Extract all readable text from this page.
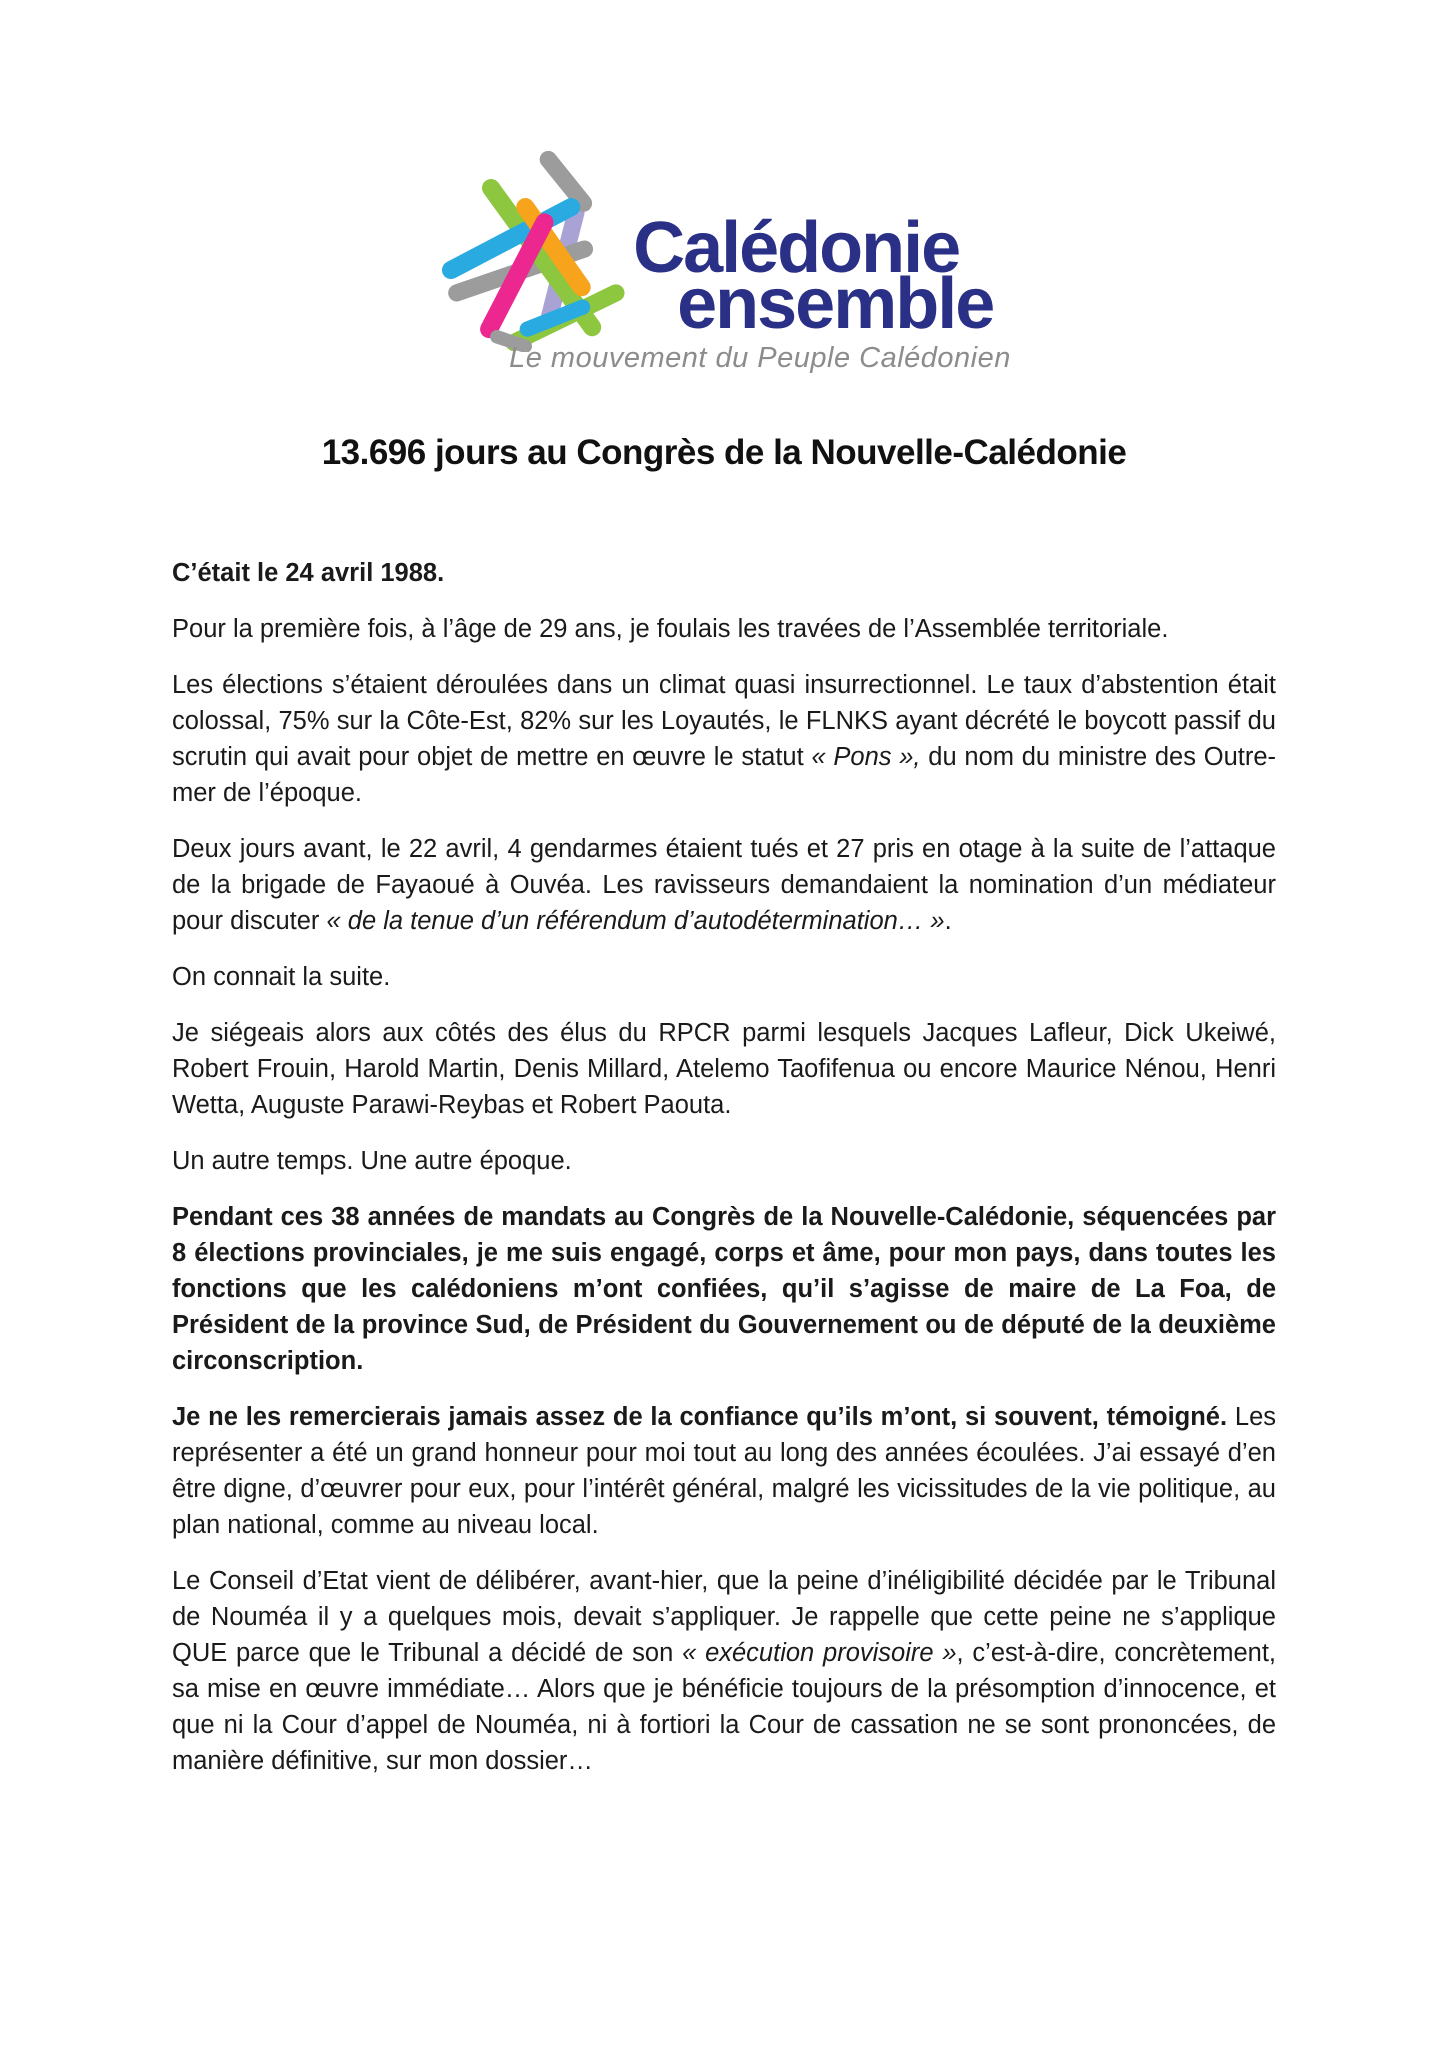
Calédonie
ensemble
Le mouvement du Peuple Calédonien
13.696 jours au Congrès de la Nouvelle-Calédonie

C’était le 24 avril 1988.

Pour la première fois, à l’âge de 29 ans, je foulais les travées de l’Assemblée territoriale.

Les élections s’étaient déroulées dans un climat quasi insurrectionnel. Le taux d’abstention était colossal, 75% sur la Côte-Est, 82% sur les Loyautés, le FLNKS ayant décrété le boycott passif du scrutin qui avait pour objet de mettre en œuvre le statut « Pons », du nom du ministre des Outre-mer de l’époque.

Deux jours avant, le 22 avril, 4 gendarmes étaient tués et 27 pris en otage à la suite de l’attaque de la brigade de Fayaoué à Ouvéa. Les ravisseurs demandaient la nomination d’un médiateur pour discuter « de la tenue d’un référendum d’autodétermination… ».

On connait la suite.

Je siégeais alors aux côtés des élus du RPCR parmi lesquels Jacques Lafleur, Dick Ukeiwé, Robert Frouin, Harold Martin, Denis Millard, Atelemo Taofifenua ou encore Maurice Nénou, Henri Wetta, Auguste Parawi-Reybas et Robert Paouta.

Un autre temps. Une autre époque.

Pendant ces 38 années de mandats au Congrès de la Nouvelle-Calédonie, séquencées par 8 élections provinciales, je me suis engagé, corps et âme, pour mon pays, dans toutes les fonctions que les calédoniens m’ont confiées, qu’il s’agisse de maire de La Foa, de Président de la province Sud, de Président du Gouvernement ou de député de la deuxième circonscription.

Je ne les remercierais jamais assez de la confiance qu’ils m’ont, si souvent, témoigné. Les représenter a été un grand honneur pour moi tout au long des années écoulées. J’ai essayé d’en être digne, d’œuvrer pour eux, pour l’intérêt général, malgré les vicissitudes de la vie politique, au plan national, comme au niveau local.

Le Conseil d’Etat vient de délibérer, avant-hier, que la peine d’inéligibilité décidée par le Tribunal de Nouméa il y a quelques mois, devait s’appliquer. Je rappelle que cette peine ne s’applique QUE parce que le Tribunal a décidé de son « exécution provisoire », c’est-à-dire, concrètement, sa mise en œuvre immédiate… Alors que je bénéficie toujours de la présomption d’innocence, et que ni la Cour d’appel de Nouméa, ni à fortiori la Cour de cassation ne se sont prononcées, de manière définitive, sur mon dossier…
